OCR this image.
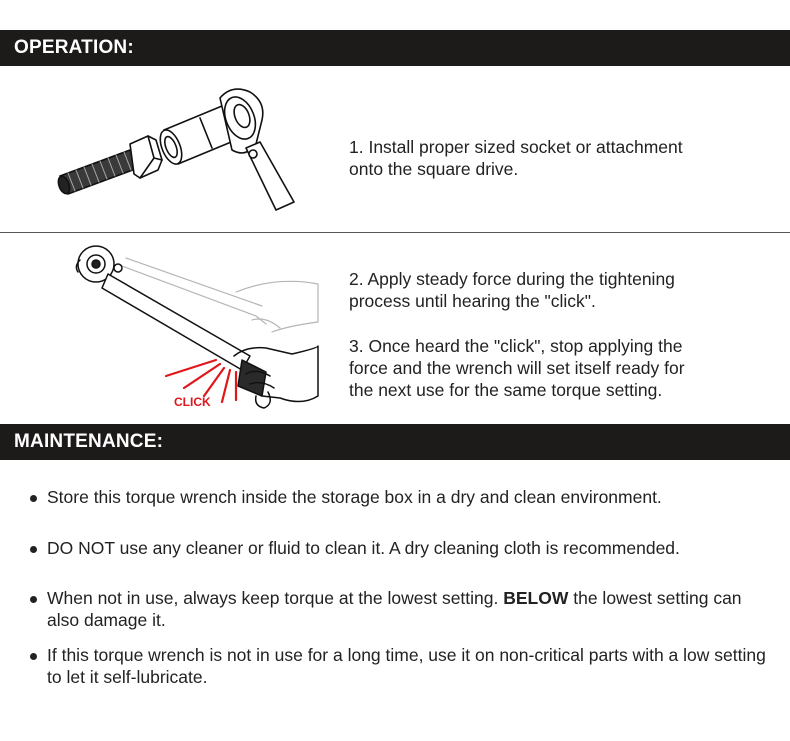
OPERATION:
1. Install proper sized socket or attachment
onto the square drive.
CLICK
2. Apply steady force during the tightening
process until hearing the "click".
3. Once heard the "click", stop applying the
force and the wrench will set itself ready for
the next use for the same torque setting.
MAINTENANCE:
Store this torque wrench inside the storage box in a dry and clean environment.
DO NOT use any cleaner or fluid to clean it. A dry cleaning cloth is recommended.
When not in use, always keep torque at the lowest setting. BELOW the lowest setting can also damage it.
If this torque wrench is not in use for a long time, use it on non-critical parts with a low setting to let it self-lubricate.
